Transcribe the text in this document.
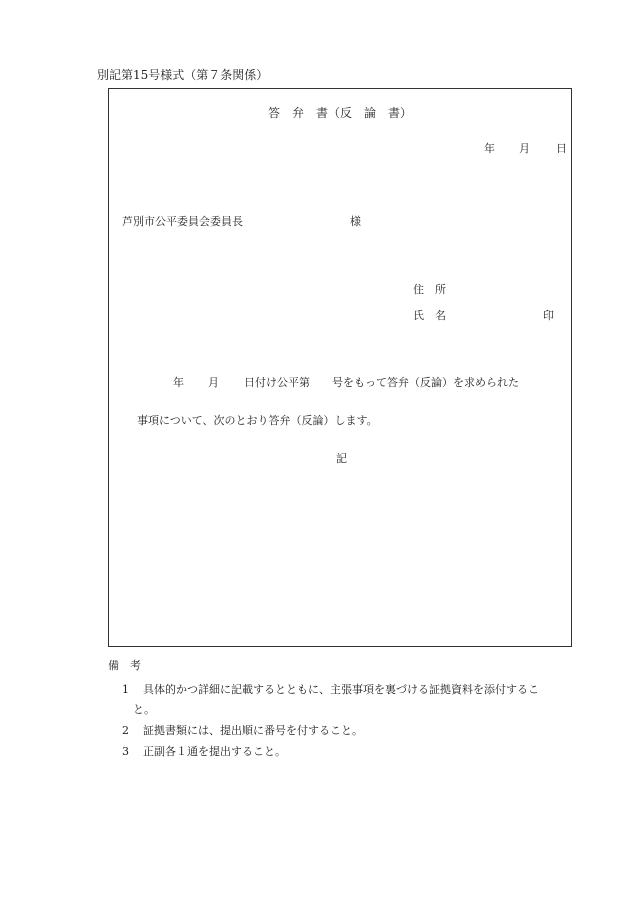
別記第15号様式（第７条関係）
答　弁　書（反　論　書）
年 月 日
芦別市公平委員会委員長	様
住　所
氏　名	印
年 月 日付け公平第　　号をもって答弁（反論）を求められた
事項について、次のとおり答弁（反論）します。
記
備　考
1 具体的かつ詳細に記載するとともに、主張事項を裏づける証拠資料を添付するこ
と。
2 証拠書類には、提出順に番号を付すること。
3 正副各１通を提出すること。
